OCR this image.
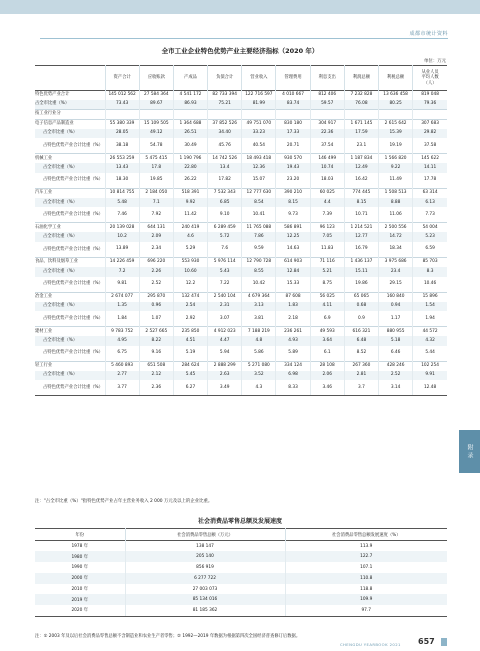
成都市统计资料
全市工业企业特色优势产业主要经济指标（2020 年）
单位：万元
	资产合计	应收账款	产成品	负债合计	营业收入	管理费用	利息支出	利润总额	利税总额	从业人员
平均人数
（人）
特色优势产业合计	145 012 562	27 584 364	4 541 172	82 733 394	122 716 597	4 010 667	812 406	7 232 828	13 636 458	819 048
占全市比重（%）	73.43	89.67	86.93	75.21	81.99	83.74	59.57	76.08	80.25	79.36
按工业行业分										
电子信息产品制造业	55 380 339	15 109 505	1 364 688	37 852 526	49 751 070	830 180	304 917	1 671 145	2 615 642	307 683
占全市比重（%）	28.05	49.12	26.51	34.40	33.23	17.33	22.36	17.59	15.39	29.82
占特色优势产业合计比重（%）	38.18	54.78	30.49	45.76	40.54	20.71	37.54	23.1	19.19	37.58
机械工业	26 553 259	5 475 415	1 190 796	14 742 526	18 493 418	930 570	146 499	1 187 834	1 566 820	145 622
占全市比重（%）	13.43	17.8	22.80	13.4	12.36	19.43	10.74	12.49	9.22	14.11
占特色优势产业合计比重（%）	18.30	19.85	26.22	17.82	15.07	23.20	18.03	16.42	11.49	17.78
汽车工业	10 814 755	2 184 050	518 391	7 532 343	12 777 630	390 210	60 025	774 445	1 508 513	63 314
占全市比重（%）	5.48	7.1	9.92	6.85	8.54	8.15	4.4	8.15	8.88	6.13
占特色优势产业合计比重（%）	7.46	7.92	11.42	9.10	10.41	9.73	7.39	10.71	11.06	7.73
石油化学工业	20 139 028	644 131	240 419	6 289 459	11 765 088	586 891	96 123	1 214 521	2 500 556	54 004
占全市比重（%）	10.2	2.09	4.6	5.72	7.86	12.25	7.05	12.77	14.72	5.23
占特色优势产业合计比重（%）	13.89	2.34	5.29	7.6	9.59	14.63	11.83	16.79	18.34	6.59
食品、饮料及烟草工业	14 226 459	696 220	553 930	5 976 114	12 790 728	614 903	71 116	1 436 137	3 975 686	85 703
占全市比重（%）	7.2	2.26	10.60	5.43	8.55	12.84	5.21	15.11	23.4	8.3
占特色优势产业合计比重（%）	9.81	2.52	12.2	7.22	10.42	15.33	8.75	19.86	29.15	10.46
冶金工业	2 674 077	295 870	132 474	2 540 104	4 679 364	87 608	56 025	65 065	160 840	15 896
占全市比重（%）	1.35	0.96	2.54	2.31	3.13	1.83	4.11	0.68	0.94	1.54
占特色优势产业合计比重（%）	1.84	1.07	2.92	3.07	3.81	2.18	6.9	0.9	1.17	1.94
建材工业	9 783 752	2 527 665	235 850	4 912 023	7 188 219	236 261	49 593	616 321	880 955	44 572
占全市比重（%）	4.95	8.22	4.51	4.47	4.8	4.93	3.64	6.48	5.18	4.32
占特色优势产业合计比重（%）	6.75	9.16	5.19	5.94	5.86	5.89	6.1	8.52	6.46	5.44
轻工行业	5 460 893	651 508	284 624	2 888 299	5 271 080	334 124	28 108	267 360	428 246	102 254
占全市比重（%）	2.77	2.12	5.45	2.63	3.52	6.98	2.06	2.81	2.52	9.91
占特色优势产业合计比重（%）	3.77	2.36	6.27	3.49	4.3	8.33	3.46	3.7	3.14	12.48
注："占全市比重（%）"指特色优势产业占年主营业务收入 2 000 万元及以上的企业比重。
社会消费品零售总额及发展速度
年份	社会消费品零售总额（万元）	社会消费品零售总额发展速度（%）
1978 年	138 147	113.9
1980 年	205 140	122.7
1990 年	856 919	107.1
2000 年	6 277 722	110.8
2010 年	27 003 073	118.8
2019 年	85 134 016	109.9
2020 年	81 185 362	97.7
注：① 2003 年及以后社会消费品零售总额不含制造业和农业生产者零售；② 1992—2019 年数据为根据第四次全国经济普查修订后数据。
附录
CHENGDU YEARBOOK 2021 657
